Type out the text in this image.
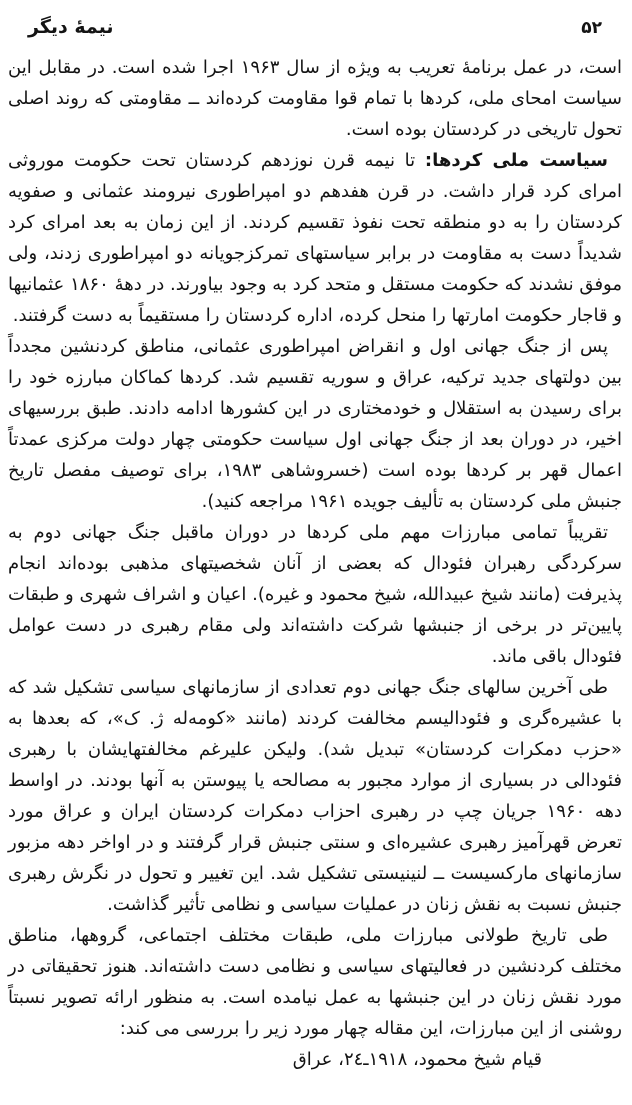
۵۲
نیمهٔ دیگر

است، در عمل برنامهٔ تعریب به ویژه از سال ۱۹۶۳ اجرا شده است. در مقابل این سیاست امحای ملی، کردها با تمام قوا مقاومت کرده‌اند ــ مقاومتی که روند اصلی تحول تاریخی در کردستان بوده است.

سیاست ملی کردها: تا نیمه قرن نوزدهم کردستان تحت حکومت موروثی امرای کرد قرار داشت. در قرن هفدهم دو امپراطوری نیرومند عثمانی و صفویه کردستان را به دو منطقه تحت نفوذ تقسیم کردند. از این زمان به بعد امرای کرد شدیداً دست به مقاومت در برابر سیاستهای تمرکزجویانه دو امپراطوری زدند، ولی موفق نشدند که حکومت مستقل و متحد کرد به وجود بیاورند. در دههٔ ۱۸۶۰ عثمانیها و قاجار حکومت امارتها را منحل کرده، اداره کردستان را مستقیماً به دست گرفتند.

پس از جنگ جهانی اول و انقراض امپراطوری عثمانی، مناطق کردنشین مجدداً بین دولتهای جدید ترکیه، عراق و سوریه تقسیم شد. کردها کماکان مبارزه خود را برای رسیدن به استقلال و خودمختاری در این کشورها ادامه دادند. طبق بررسیهای اخیر، در دوران بعد از جنگ جهانی اول سیاست حکومتی چهار دولت مرکزی عمدتاً اعمال قهر بر کردها بوده است (خسروشاهی ۱۹۸۳، برای توصیف مفصل تاریخ جنبش ملی کردستان به تألیف جویده ۱۹۶۱ مراجعه کنید).

تقریباً تمامی مبارزات مهم ملی کردها در دوران ماقبل جنگ جهانی دوم به سرکردگی رهبران فئودال که بعضی از آنان شخصیتهای مذهبی بوده‌اند انجام پذیرفت (مانند شیخ عبیدالله، شیخ محمود و غیره). اعیان و اشراف شهری و طبقات پایین‌تر در برخی از جنبشها شرکت داشته‌اند ولی مقام رهبری در دست عوامل فئودال باقی ماند.

طی آخرین سالهای جنگ جهانی دوم تعدادی از سازمانهای سیاسی تشکیل شد که با عشیره‌گری و فئودالیسم مخالفت کردند (مانند «کومه‌له ژ. ک»، که بعدها به «حزب دمکرات کردستان» تبدیل شد). ولیکن علیرغم مخالفتهایشان با رهبری فئودالی در بسیاری از موارد مجبور به مصالحه یا پیوستن به آنها بودند. در اواسط دهه ۱۹۶۰ جریان چپ در رهبری احزاب دمکرات کردستان ایران و عراق مورد تعرض قهرآمیز رهبری عشیره‌ای و سنتی جنبش قرار گرفتند و در اواخر دهه مزبور سازمانهای مارکسیست ــ لنینیستی تشکیل شد. این تغییر و تحول در نگرش رهبری جنبش نسبت به نقش زنان در عملیات سیاسی و نظامی تأثیر گذاشت.

طی تاریخ طولانی مبارزات ملی، طبقات مختلف اجتماعی، گروهها، مناطق مختلف کردنشین در فعالیتهای سیاسی و نظامی دست داشته‌اند. هنوز تحقیقاتی در مورد نقش زنان در این جنبشها به عمل نیامده است. به منظور ارائه تصویر نسبتاً روشنی از این مبارزات، این مقاله چهار مورد زیر را بررسی می کند:

قیام شیخ محمود، ۱۹۱۸ـ۲٤، عراق
